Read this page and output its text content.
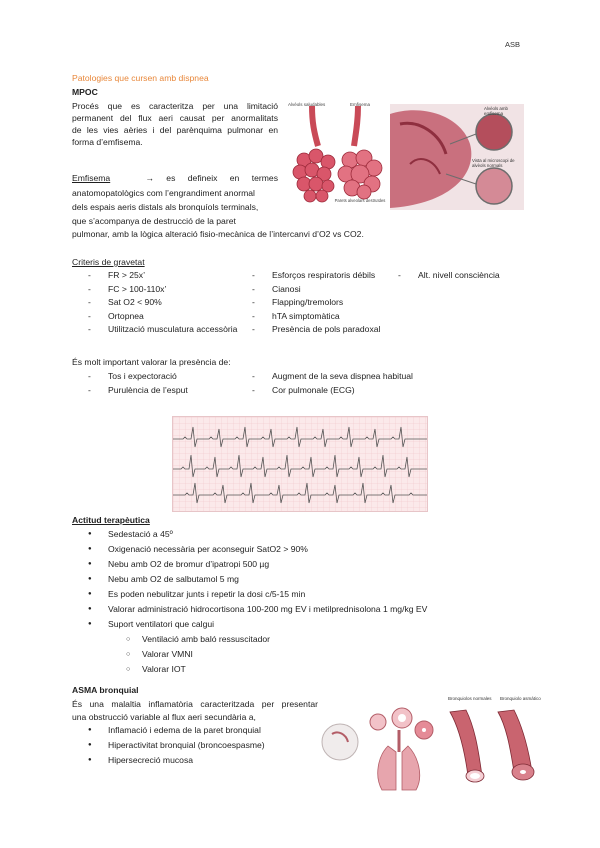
ASB
Patologies que cursen amb dispnea
MPOC
Procés que es caracteritza per una limitació
permanent del flux aeri causat per anormalitats
de les vies aèries i del parènquima pulmonar en
forma d’emfisema.
Emfisema	→ es defineix en termes
anatomopatològics com l’engrandiment anormal
dels espais aeris distals als bronquíols terminals,
que s’acompanya de destrucció de la paret
pulmonar, amb la lògica alteració fisio-mecànica de l’intercanvi d’O2 vs CO2.
Alvèols saludables	Emfisema
Parets alveolars destruïdes
Alvèols amb emfisema
Vista al microscopi de alvèols normals
Criteris de gravetat
- FR > 25x’
- FC > 100-110x’
- Sat O2 < 90%
- Ortopnea
- Utilització musculatura accessòria
- Esforços respiratoris débils
- Cianosi
- Flapping/tremolors
- hTA simptomàtica
- Presència de pols paradoxal
- Alt. nivell consciència
És molt important valorar la presència de:
- Tos i expectoració
- Purulència de l’esput
- Augment de la seva dispnea habitual
- Cor pulmonale (ECG)
Actitud terapèutica
● Sedestació a 45º
● Oxigenació necessària per aconseguir SatO2 > 90%
● Nebu amb O2 de bromur d’ipatropi 500 µg
● Nebu amb O2 de salbutamol 5 mg
● Es poden nebulitzar junts i repetir la dosi c/5-15 min
● Valorar administració hidrocortisona 100-200 mg EV i metilprednisolona 1 mg/kg EV
● Suport ventilatori que calgui
○ Ventilació amb baló ressuscitador
○ Valorar VMNI
○ Valorar IOT
ASMA bronquial
És una malaltia inflamatòria caracteritzada per presentar
una obstrucció variable al flux aeri secundària a,
● Inflamació i edema de la paret bronquial
● Hiperactivitat bronquial (broncoespasme)
● Hipersecreció mucosa
Bronquiolos normales Bronquiolo asmático
